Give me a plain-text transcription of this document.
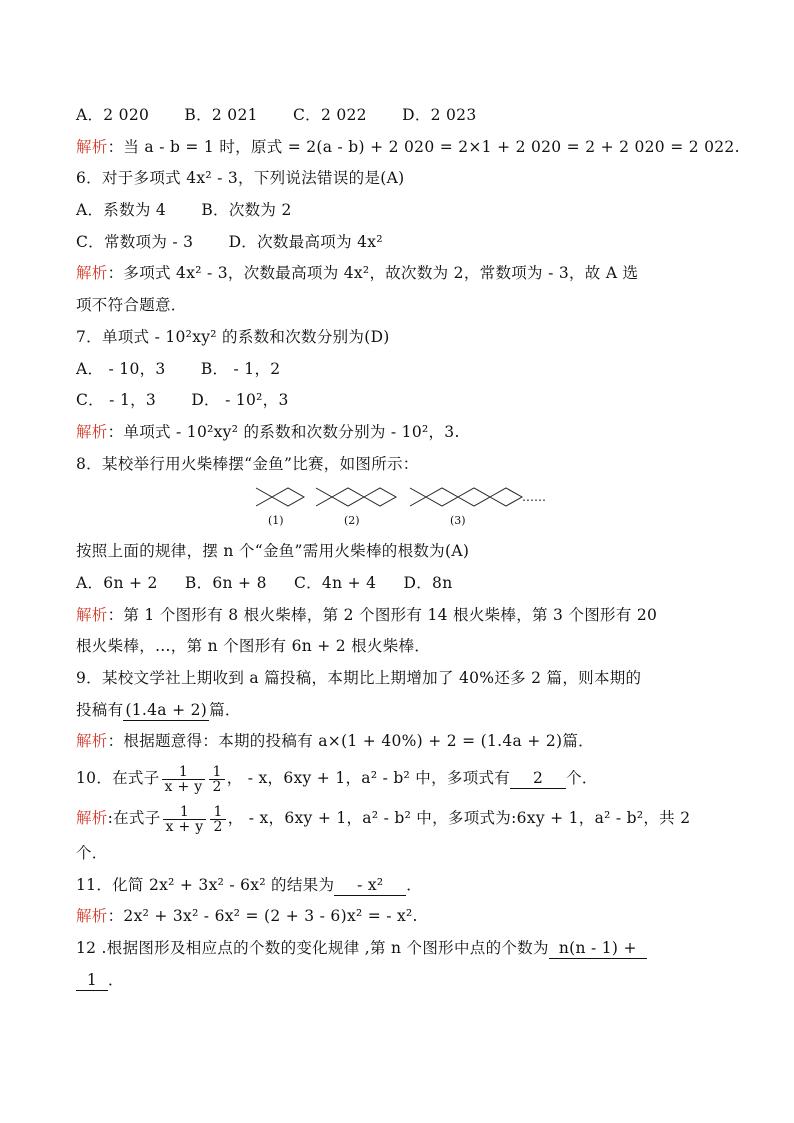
A．2 020 B．2 021 C．2 022 D．2 023
解析：当 a - b = 1 时，原式 = 2(a - b) + 2 020 = 2×1 + 2 020 = 2 + 2 020 = 2 022.
6．对于多项式 4x² - 3，下列说法错误的是(A)
A．系数为 4 B．次数为 2
C．常数项为 - 3 D．次数最高项为 4x²
解析：多项式 4x² - 3，次数最高项为 4x²，故次数为 2，常数项为 - 3，故 A 选
项不符合题意．
7．单项式 - 10²xy² 的系数和次数分别为(D)
A． - 10，3 B． - 1，2
C． - 1，3 D． - 10²，3
解析：单项式 - 10²xy² 的系数和次数分别为 - 10²，3.
8．某校举行用火柴棒摆“金鱼”比赛，如图所示：
……
(1)	(2)	(3)
按照上面的规律，摆 n 个“金鱼”需用火柴棒的根数为(A)
A．6n + 2 B．6n + 8 C．4n + 4 D．8n
解析：第 1 个图形有 8 根火柴棒，第 2 个图形有 14 根火柴棒，第 3 个图形有 20
根火柴棒，…，第 n 个图形有 6n + 2 根火柴棒．
9．某校文学社上期收到 a 篇投稿，本期比上期增加了 40%还多 2 篇，则本期的
投稿有 (1.4a + 2) 篇．
解析：根据题意得：本期的投稿有 a×(1 + 40%) + 2 = (1.4a + 2)篇．
10．在式子 $\frac{1}{x + y} \frac{1}{2}$ ， - x，6xy + 1，a² - b² 中，多项式有 2 个．
解析:在式子 $\frac{1}{x + y} \frac{1}{2}$ ， - x，6xy + 1，a² - b² 中，多项式为:6xy + 1，a² - b²，共 2
个．
11．化简 2x² + 3x² - 6x² 的结果为 - x² ．
解析：2x² + 3x² - 6x² = (2 + 3 - 6)x² = - x².
12 .根据图形及相应点的个数的变化规律 ,第 n 个图形中点的个数为 n(n - 1) +
1 ．
